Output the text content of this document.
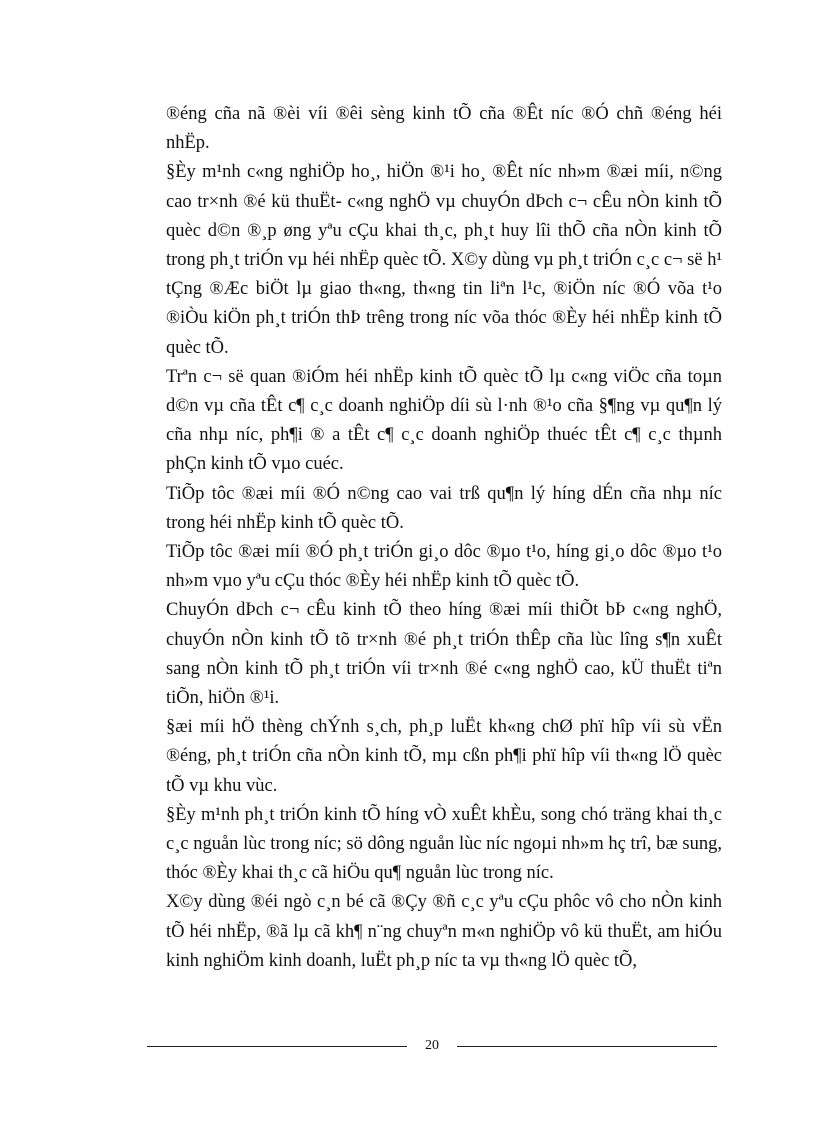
®éng cña nã ®èi víi ®êi sèng kinh tÕ cña ®Êt níc ®Ó chñ ®éng héi nhËp.

§Èy m¹nh c«ng nghiÖp ho¸, hiÖn ®¹i ho¸ ®Êt níc nh»m ®æi míi, n©ng cao tr×nh ®é kü thuËt- c«ng nghÖ vµ chuyÓn dÞch c¬ cÊu nÒn kinh tÕ quèc d©n ®¸p øng yªu cÇu khai th¸c, ph¸t huy lîi thÕ cña nÒn kinh tÕ trong ph¸t triÓn vµ héi nhËp quèc tÕ. X©y dùng vµ ph¸t triÓn c¸c c¬ së h¹ tÇng ®Æc biÖt lµ giao th«ng, th«ng tin liªn l¹c, ®iÖn níc ®Ó võa t¹o ®iÒu kiÖn ph¸t triÓn thÞ trêng trong níc võa thóc ®Èy héi nhËp kinh tÕ quèc tÕ.

Trªn c¬ së quan ®iÓm héi nhËp kinh tÕ quèc tÕ lµ c«ng viÖc cña toµn d©n vµ cña tÊt c¶ c¸c doanh nghiÖp díi sù l·nh ®¹o cña §¶ng vµ qu¶n lý cña nhµ níc, ph¶i ® a tÊt c¶ c¸c doanh nghiÖp thuéc tÊt c¶ c¸c thµnh phÇn kinh tÕ vµo cuéc.

TiÕp tôc ®æi míi ®Ó n©ng cao vai trß qu¶n lý híng dÉn cña nhµ níc trong héi nhËp kinh tÕ quèc tÕ.

TiÕp tôc ®æi míi ®Ó ph¸t triÓn gi¸o dôc ®µo t¹o, híng gi¸o dôc ®µo t¹o nh»m vµo yªu cÇu thóc ®Èy héi nhËp kinh tÕ quèc tÕ.

ChuyÓn dÞch c¬ cÊu kinh tÕ theo híng ®æi míi thiÕt bÞ c«ng nghÖ, chuyÓn nÒn kinh tÕ tõ tr×nh ®é ph¸t triÓn thÊp cña lùc lîng s¶n xuÊt sang nÒn kinh tÕ ph¸t triÓn víi tr×nh ®é c«ng nghÖ cao, kÜ thuËt tiªn tiÕn, hiÖn ®¹i.

§æi míi hÖ thèng chÝnh s¸ch, ph¸p luËt kh«ng chØ phï hîp víi sù vËn ®éng, ph¸t triÓn cña nÒn kinh tÕ, mµ cßn ph¶i phï hîp víi th«ng lÖ quèc tÕ vµ khu vùc.

§Èy m¹nh ph¸t triÓn kinh tÕ híng vÒ xuÊt khÈu, song chó träng khai th¸c c¸c nguån lùc trong níc; sö dông nguån lùc níc ngoµi nh»m hç trî, bæ sung, thóc ®Èy khai th¸c cã hiÖu qu¶ nguån lùc trong níc.

X©y dùng ®éi ngò c¸n bé cã ®Çy ®ñ c¸c yªu cÇu phôc vô cho nÒn kinh tÕ héi nhËp, ®ã lµ cã kh¶ n¨ng chuyªn m«n nghiÖp vô kü thuËt, am hiÓu kinh nghiÖm kinh doanh, luËt ph¸p níc ta vµ th«ng lÖ quèc tÕ,

20
